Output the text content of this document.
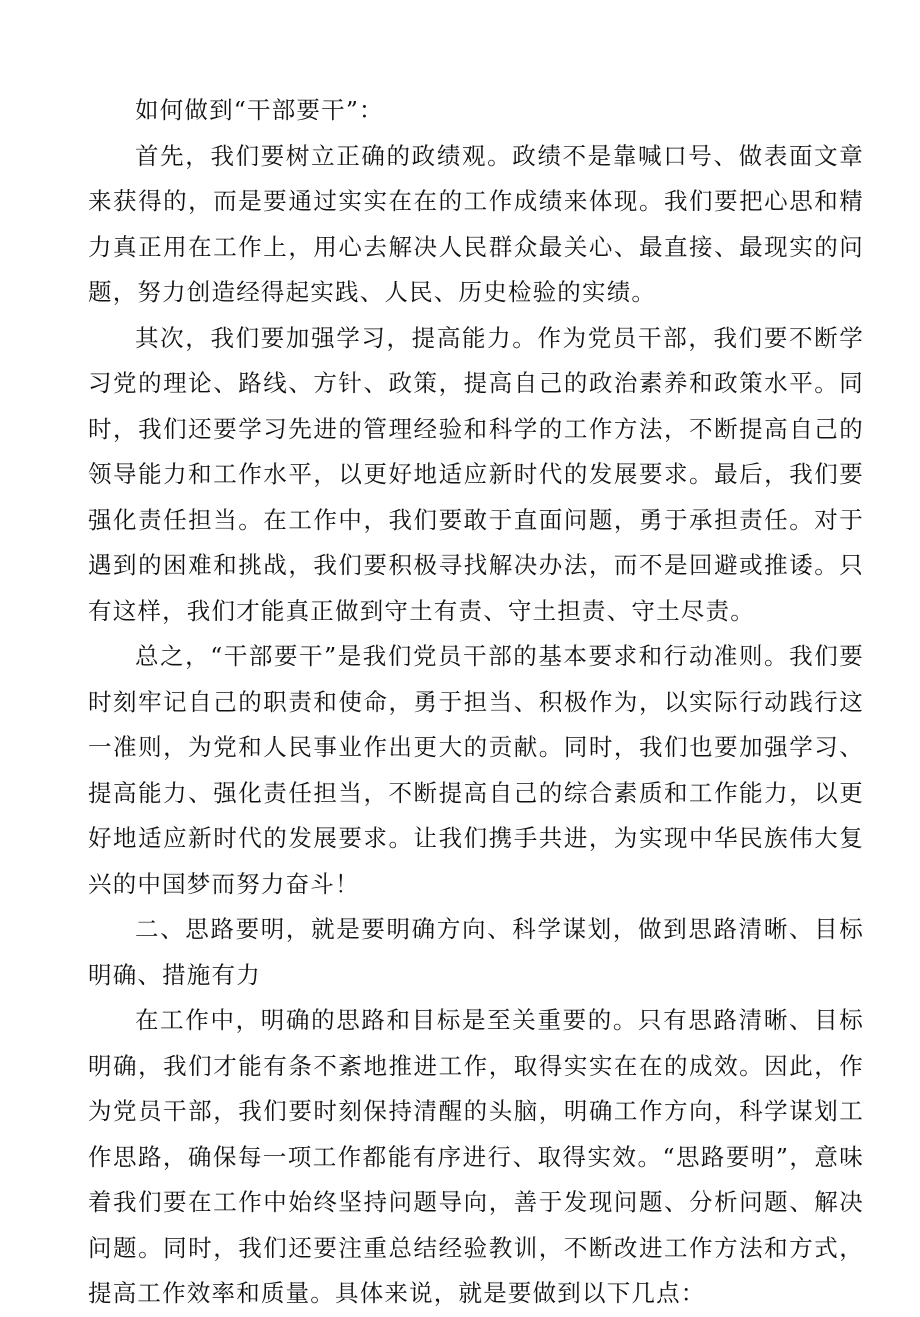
如何做到“干部要干”：

首先，我们要树立正确的政绩观。政绩不是靠喊口号、做表面文章来获得的，而是要通过实实在在的工作成绩来体现。我们要把心思和精力真正用在工作上，用心去解决人民群众最关心、最直接、最现实的问题，努力创造经得起实践、人民、历史检验的实绩。

其次，我们要加强学习，提高能力。作为党员干部，我们要不断学习党的理论、路线、方针、政策，提高自己的政治素养和政策水平。同时，我们还要学习先进的管理经验和科学的工作方法，不断提高自己的领导能力和工作水平，以更好地适应新时代的发展要求。最后，我们要强化责任担当。在工作中，我们要敢于直面问题，勇于承担责任。对于遇到的困难和挑战，我们要积极寻找解决办法，而不是回避或推诿。只有这样，我们才能真正做到守土有责、守土担责、守土尽责。

总之，“干部要干”是我们党员干部的基本要求和行动准则。我们要时刻牢记自己的职责和使命，勇于担当、积极作为，以实际行动践行这一准则，为党和人民事业作出更大的贡献。同时，我们也要加强学习、提高能力、强化责任担当，不断提高自己的综合素质和工作能力，以更好地适应新时代的发展要求。让我们携手共进，为实现中华民族伟大复兴的中国梦而努力奋斗！

二、思路要明，就是要明确方向、科学谋划，做到思路清晰、目标明确、措施有力

在工作中，明确的思路和目标是至关重要的。只有思路清晰、目标明确，我们才能有条不紊地推进工作，取得实实在在的成效。因此，作为党员干部，我们要时刻保持清醒的头脑，明确工作方向，科学谋划工作思路，确保每一项工作都能有序进行、取得实效。“思路要明”，意味着我们要在工作中始终坚持问题导向，善于发现问题、分析问题、解决问题。同时，我们还要注重总结经验教训，不断改进工作方法和方式，提高工作效率和质量。具体来说，就是要做到以下几点：
